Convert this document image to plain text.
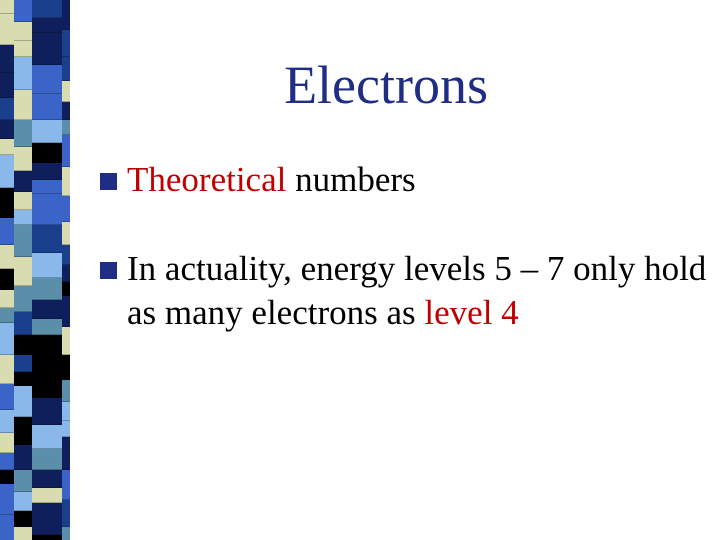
Electrons
Theoretical numbers
In actuality, energy levels 5 – 7 only hold as many electrons as level 4
